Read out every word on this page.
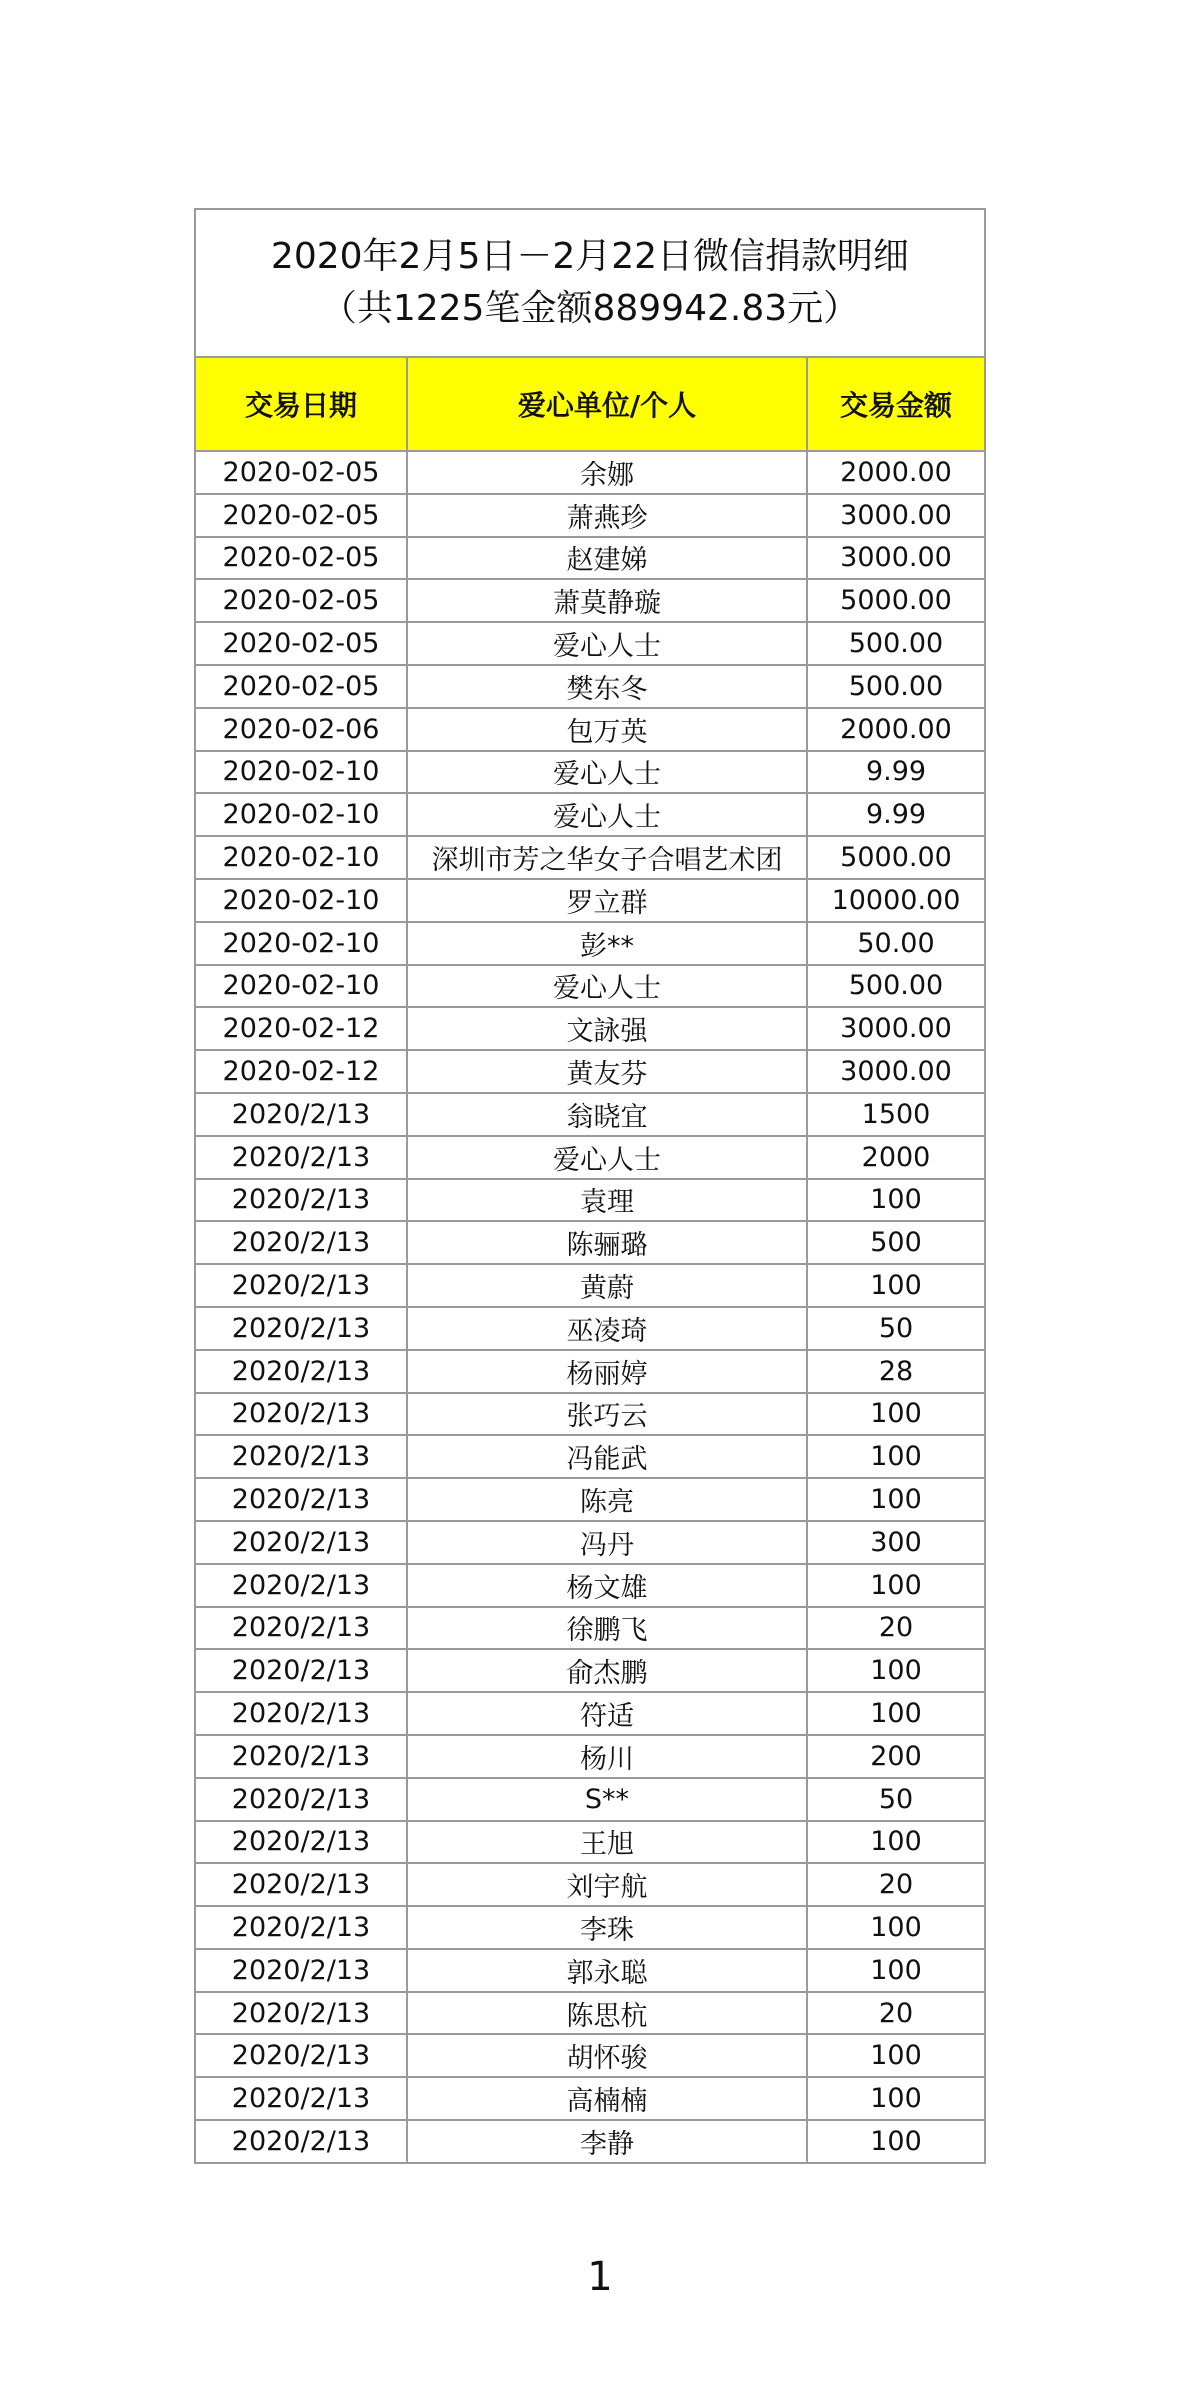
2020年2月5日－2月22日微信捐款明细
（共1225笔金额889942.83元）
交易日期	爱心单位/个人	交易金额
2020-02-05	余娜	2000.00
2020-02-05	萧燕珍	3000.00
2020-02-05	赵建娣	3000.00
2020-02-05	萧莫静璇	5000.00
2020-02-05	爱心人士	500.00
2020-02-05	樊东冬	500.00
2020-02-06	包万英	2000.00
2020-02-10	爱心人士	9.99
2020-02-10	爱心人士	9.99
2020-02-10	深圳市芳之华女子合唱艺术团	5000.00
2020-02-10	罗立群	10000.00
2020-02-10	彭**	50.00
2020-02-10	爱心人士	500.00
2020-02-12	文詠强	3000.00
2020-02-12	黄友芬	3000.00
2020/2/13	翁晓宜	1500
2020/2/13	爱心人士	2000
2020/2/13	袁理	100
2020/2/13	陈骊璐	500
2020/2/13	黄蔚	100
2020/2/13	巫凌琦	50
2020/2/13	杨丽婷	28
2020/2/13	张巧云	100
2020/2/13	冯能武	100
2020/2/13	陈亮	100
2020/2/13	冯丹	300
2020/2/13	杨文雄	100
2020/2/13	徐鹏飞	20
2020/2/13	俞杰鹏	100
2020/2/13	符适	100
2020/2/13	杨川	200
2020/2/13	S**	50
2020/2/13	王旭	100
2020/2/13	刘宇航	20
2020/2/13	李珠	100
2020/2/13	郭永聪	100
2020/2/13	陈思杭	20
2020/2/13	胡怀骏	100
2020/2/13	高楠楠	100
2020/2/13	李静	100
1
